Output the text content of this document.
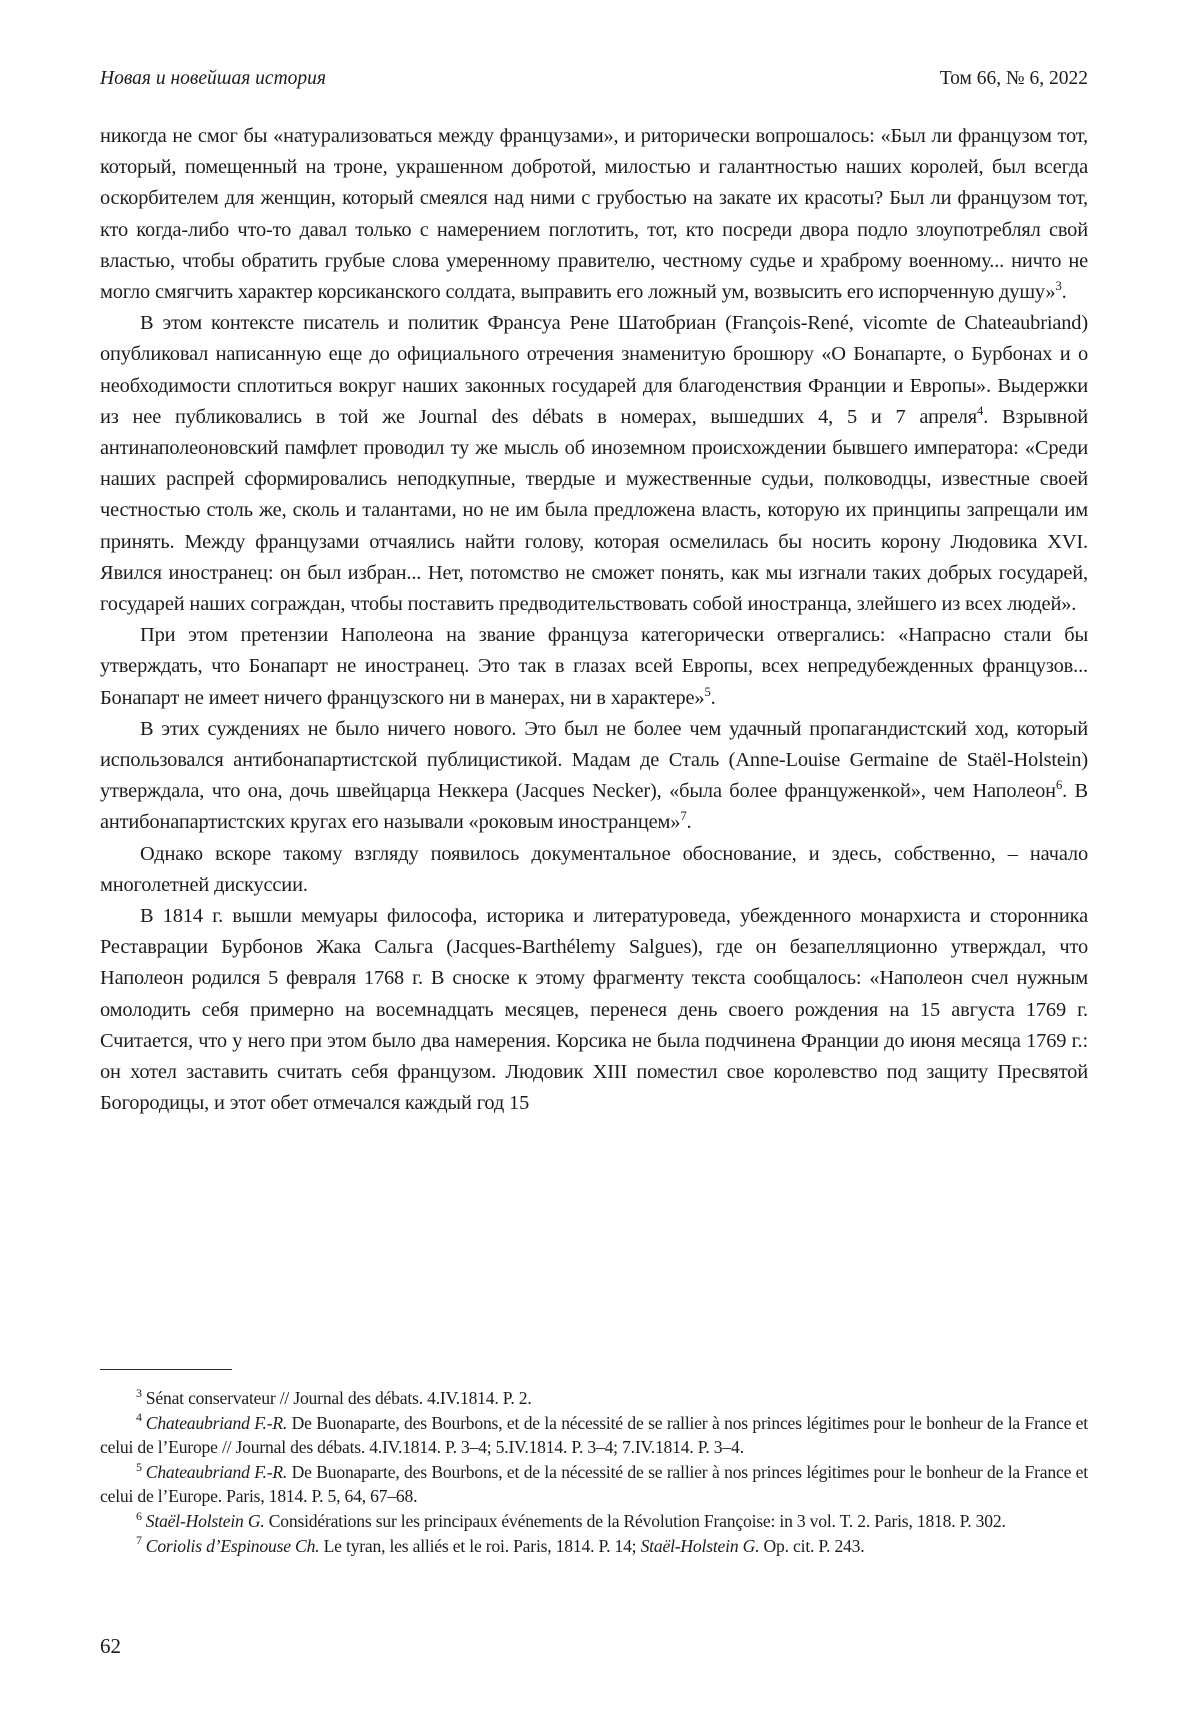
Новая и новейшая история	Том 66, № 6, 2022

никогда не смог бы «натурализоваться между французами», и риторически вопрошалось: «Был ли французом тот, который, помещенный на троне, украшенном добротой, милостью и галантностью наших королей, был всегда оскорбителем для женщин, который смеялся над ними с грубостью на закате их красоты? Был ли французом тот, кто когда-либо что-то давал только с намерением поглотить, тот, кто посреди двора подло злоупотреблял свой властью, чтобы обратить грубые слова умеренному правителю, честному судье и храброму военному... ничто не могло смягчить характер корсиканского солдата, выправить его ложный ум, возвысить его испорченную душу»$^3$.

В этом контексте писатель и политик Франсуа Рене Шатобриан (François-René, vicomte de Chateaubriand) опубликовал написанную еще до официального отречения знаменитую брошюру «О Бонапарте, о Бурбонах и о необходимости сплотиться вокруг наших законных государей для благоденствия Франции и Европы». Выдержки из нее публиковались в той же Journal des débats в номерах, вышедших 4, 5 и 7 апреля$^4$. Взрывной антинаполеоновский памфлет проводил ту же мысль об иноземном происхождении бывшего императора: «Среди наших распрей сформировались неподкупные, твердые и мужественные судьи, полководцы, известные своей честностью столь же, сколь и талантами, но не им была предложена власть, которую их принципы запрещали им принять. Между французами отчаялись найти голову, которая осмелилась бы носить корону Людовика XVI. Явился иностранец: он был избран... Нет, потомство не сможет понять, как мы изгнали таких добрых государей, государей наших сограждан, чтобы поставить предводительствовать собой иностранца, злейшего из всех людей».

При этом претензии Наполеона на звание француза категорически отвергались: «Напрасно стали бы утверждать, что Бонапарт не иностранец. Это так в глазах всей Европы, всех непредубежденных французов... Бонапарт не имеет ничего французского ни в манерах, ни в характере»$^5$.

В этих суждениях не было ничего нового. Это был не более чем удачный пропагандистский ход, который использовался антибонапартистской публицистикой. Мадам де Сталь (Anne-Louise Germaine de Staël-Holstein) утверждала, что она, дочь швейцарца Неккера (Jacques Necker), «была более француженкой», чем Наполеон$^6$. В антибонапартистских кругах его называли «роковым иностранцем»$^7$.

Однако вскоре такому взгляду появилось документальное обоснование, и здесь, собственно, – начало многолетней дискуссии.

В 1814 г. вышли мемуары философа, историка и литературоведа, убежденного монархиста и сторонника Реставрации Бурбонов Жака Сальга (Jacques-Barthélemy Salgues), где он безапелляционно утверждал, что Наполеон родился 5 февраля 1768 г. В сноске к этому фрагменту текста сообщалось: «Наполеон счел нужным омолодить себя примерно на восемнадцать месяцев, перенеся день своего рождения на 15 августа 1769 г. Считается, что у него при этом было два намерения. Корсика не была подчинена Франции до июня месяца 1769 г.: он хотел заставить считать себя французом. Людовик XIII поместил свое королевство под защиту Пресвятой Богородицы, и этот обет отмечался каждый год 15

$^3$ Sénat conservateur // Journal des débats. 4.IV.1814. P. 2.

$^4$ Chateaubriand F.-R. De Buonaparte, des Bourbons, et de la nécessité de se rallier à nos princes légitimes pour le bonheur de la France et celui de l’Europe // Journal des débats. 4.IV.1814. P. 3–4; 5.IV.1814. P. 3–4; 7.IV.1814. P. 3–4.

$^5$ Chateaubriand F.-R. De Buonaparte, des Bourbons, et de la nécessité de se rallier à nos princes légitimes pour le bonheur de la France et celui de l’Europe. Paris, 1814. P. 5, 64, 67–68.

$^6$ Staël-Holstein G. Considérations sur les principaux événements de la Révolution Françoise: in 3 vol. T. 2. Paris, 1818. P. 302.

$^7$ Coriolis d’Espinouse Ch. Le tyran, les alliés et le roi. Paris, 1814. P. 14; Staël-Holstein G. Op. cit. P. 243.

62
